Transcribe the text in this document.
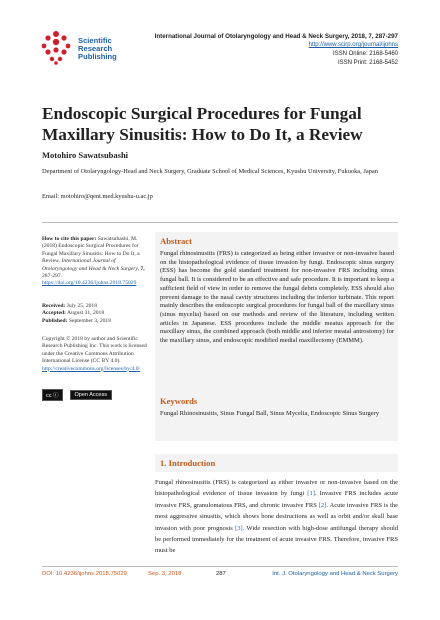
Scientific
Research
Publishing
International Journal of Otolaryngology and Head & Neck Surgery, 2018, 7, 287-297
http://www.scirp.org/journal/ijohns
ISSN Online: 2168-5460
ISSN Print: 2168-5452
Endoscopic Surgical Procedures for Fungal Maxillary Sinusitis: How to Do It, a Review
Motohiro Sawatsubashi
Department of Otolaryngology-Head and Neck Surgery, Graduate School of Medical Sciences, Kyushu University, Fukuoka, Japan
Email: motohiro@qent.med.kyushu-u.ac.jp
How to cite this paper: Sawatsubashi, M. (2018) Endoscopic Surgical Procedures for Fungal Maxillary Sinusitis: How to Do It, a Review. International Journal of Otolaryngology and Head & Neck Surgery, 7, 287-297.
https://doi.org/10.4236/ijohns.2018.75029
Received: July 25, 2018
Accepted: August 31, 2018
Published: September 3, 2018
Copyright © 2018 by author and Scientific Research Publishing Inc. This work is licensed under the Creative Commons Attribution International License (CC BY 4.0).
http://creativecommons.org/licenses/by/4.0/
cc ⓘ	Open Access
Abstract
Fungal rhinosinusitis (FRS) is categorized as being either invasive or non-invasive based on the histopathological evidence of tissue invasion by fungi. Endoscopic sinus surgery (ESS) has become the gold standard treatment for non-invasive FRS including sinus fungal ball. It is considered to be an effective and safe procedure. It is important to keep a sufficient field of view in order to remove the fungal debris completely. ESS should also prevent damage to the nasal cavity structures including the inferior turbinate. This report mainly describes the endoscopic surgical procedures for fungal ball of the maxillary sinus (sinus mycelia) based on our methods and review of the literature, including written articles in Japanese. ESS procedures include the middle meatus approach for the maxillary sinus, the combined approach (both middle and inferior meatal antrostomy) for the maxillary sinus, and endoscopic modified medial maxillectomy (EMMM).
Keywords
Fungal Rhinosinusitis, Sinus Fungal Ball, Sinus Mycelia, Endoscopic Sinus Surgery
1. Introduction
Fungal rhinosinusitis (FRS) is categorized as either invasive or non-invasive based on the histopathological evidence of tissue invasion by fungi [1]. Invasive FRS includes acute invasive FRS, granulomatous FRS, and chronic invasive FRS [2]. Acute invasive FRS is the most aggressive sinusitis, which shows bone destructions as well as orbit and/or skull base invasion with poor prognosis [3]. Wide resection with high-dose antifungal therapy should be performed immediately for the treatment of acute invasive FRS. Therefore, invasive FRS must be
DOI: 10.4236/ijohns.2018.75029	Sep. 3, 2018	287	Int. J. Otolaryngology and Head & Neck Surgery
